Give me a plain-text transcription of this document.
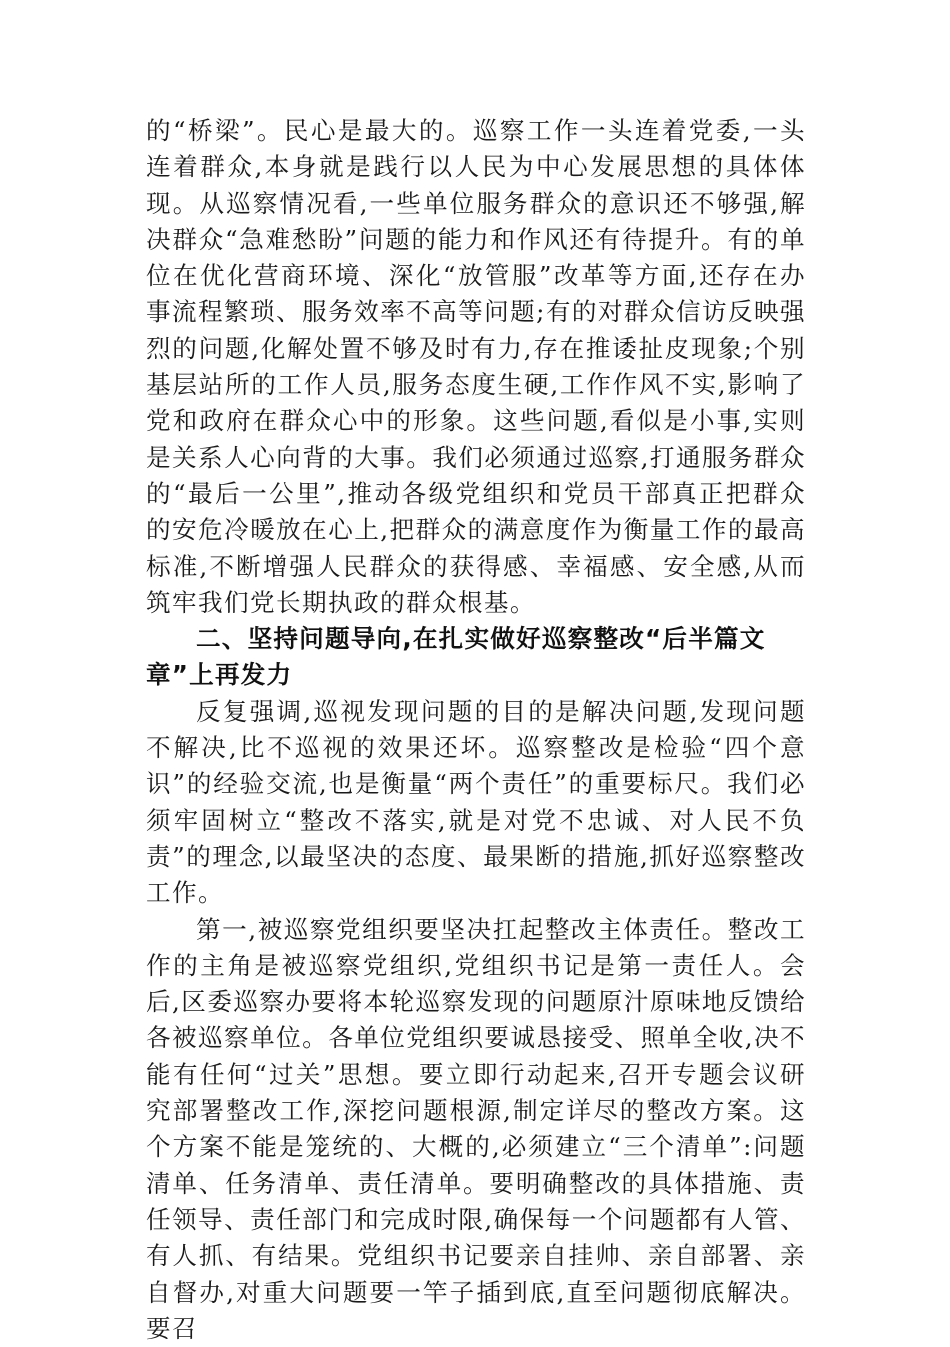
的“桥梁”。民心是最大的。巡察工作一头连着党委,一头连着群众,本身就是践行以人民为中心发展思想的具体体现。从巡察情况看,一些单位服务群众的意识还不够强,解决群众“急难愁盼”问题的能力和作风还有待提升。有的单位在优化营商环境、深化“放管服”改革等方面,还存在办事流程繁琐、服务效率不高等问题;有的对群众信访反映强烈的问题,化解处置不够及时有力,存在推诿扯皮现象;个别基层站所的工作人员,服务态度生硬,工作作风不实,影响了党和政府在群众心中的形象。这些问题,看似是小事,实则是关系人心向背的大事。我们必须通过巡察,打通服务群众的“最后一公里”,推动各级党组织和党员干部真正把群众的安危冷暖放在心上,把群众的满意度作为衡量工作的最高标准,不断增强人民群众的获得感、幸福感、安全感,从而筑牢我们党长期执政的群众根基。

二、坚持问题导向,在扎实做好巡察整改“后半篇文章”上再发力

反复强调,巡视发现问题的目的是解决问题,发现问题不解决,比不巡视的效果还坏。巡察整改是检验“四个意识”的经验交流,也是衡量“两个责任”的重要标尺。我们必须牢固树立“整改不落实,就是对党不忠诚、对人民不负责”的理念,以最坚决的态度、最果断的措施,抓好巡察整改工作。

第一,被巡察党组织要坚决扛起整改主体责任。整改工作的主角是被巡察党组织,党组织书记是第一责任人。会后,区委巡察办要将本轮巡察发现的问题原汁原味地反馈给各被巡察单位。各单位党组织要诚恳接受、照单全收,决不能有任何“过关”思想。要立即行动起来,召开专题会议研究部署整改工作,深挖问题根源,制定详尽的整改方案。这个方案不能是笼统的、大概的,必须建立“三个清单”:问题清单、任务清单、责任清单。要明确整改的具体措施、责任领导、责任部门和完成时限,确保每一个问题都有人管、有人抓、有结果。党组织书记要亲自挂帅、亲自部署、亲自督办,对重大问题要一竿子插到底,直至问题彻底解决。要召
